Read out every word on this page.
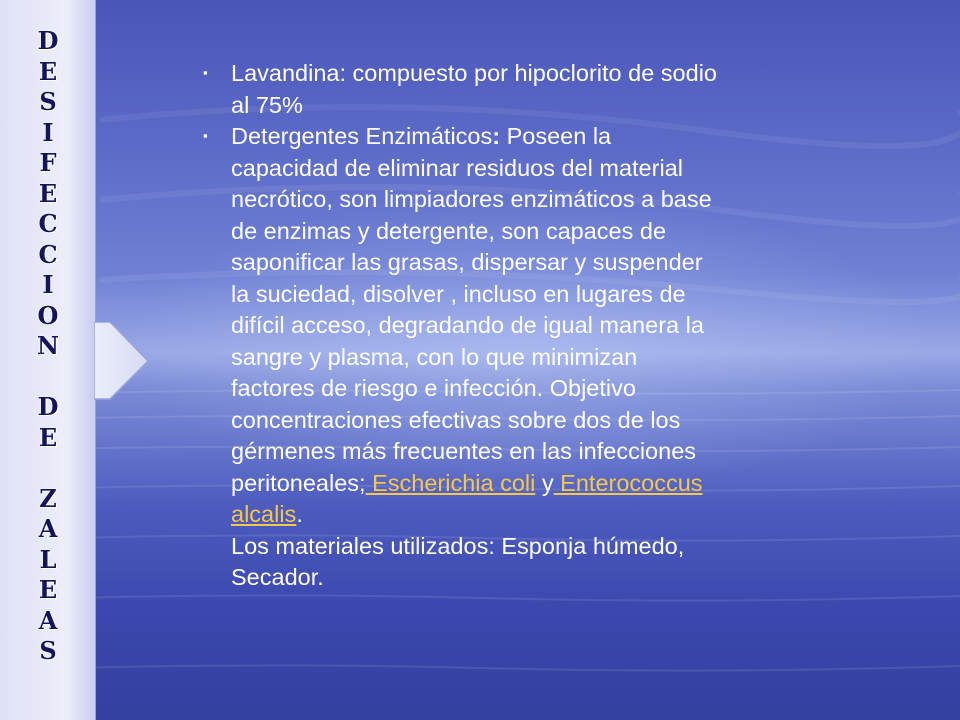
D
E
S
I
F
E
C
C
I
O
N
D
E
Z
A
L
E
A
S
▪ Lavandina: compuesto por hipoclorito de sodio al 75%
▪ Detergentes Enzimáticos: Poseen la capacidad de eliminar residuos del material necrótico, son limpiadores enzimáticos a base de enzimas y detergente, son capaces de saponificar las grasas, dispersar y suspender la suciedad, disolver , incluso en lugares de difícil acceso, degradando de igual manera la sangre y plasma, con lo que minimizan factores de riesgo e infección. Objetivo concentraciones efectivas sobre dos de los gérmenes más frecuentes en las infecciones peritoneales; Escherichia coli y Enterococcus alcalis.
Los materiales utilizados: Esponja húmedo, Secador.
